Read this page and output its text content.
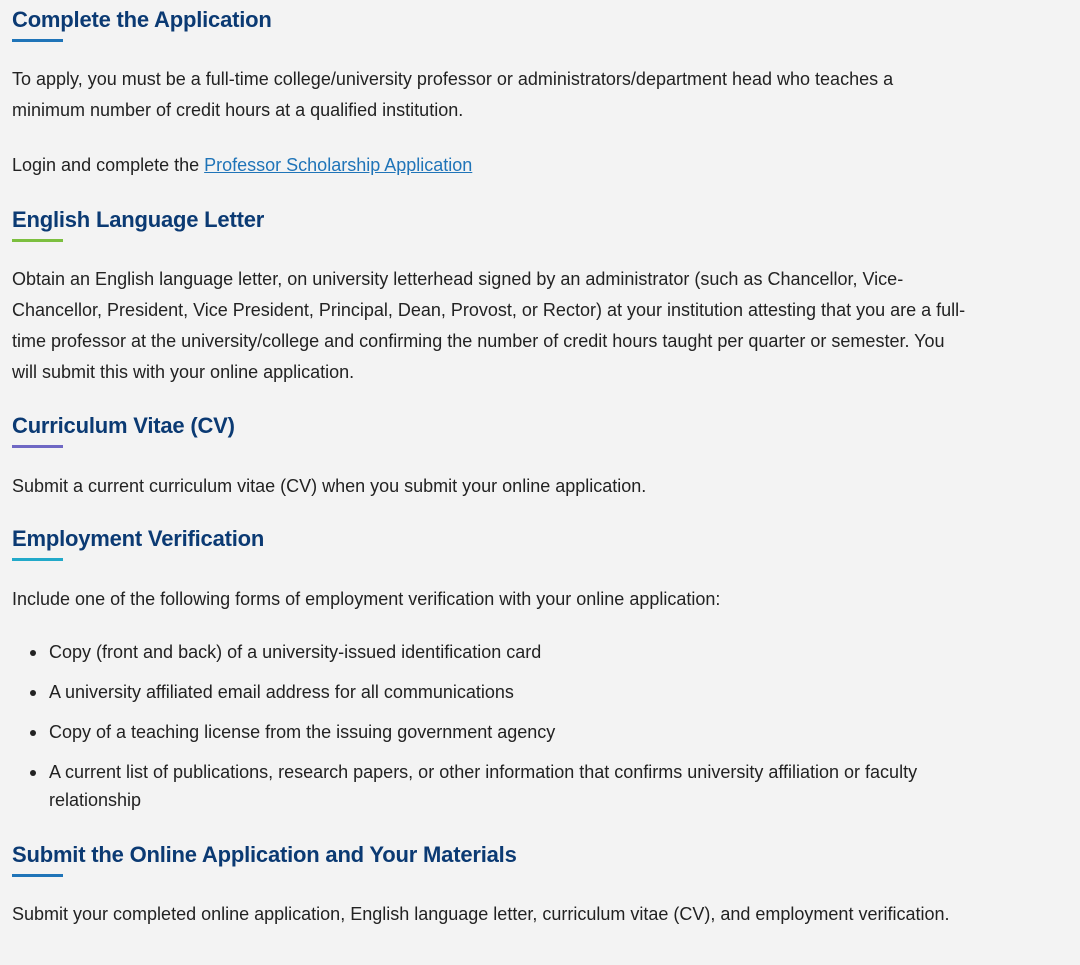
Complete the Application

To apply, you must be a full-time college/university professor or administrators/department head who teaches a minimum number of credit hours at a qualified institution.

Login and complete the Professor Scholarship Application

English Language Letter

Obtain an English language letter, on university letterhead signed by an administrator (such as Chancellor, Vice-Chancellor, President, Vice President, Principal, Dean, Provost, or Rector) at your institution attesting that you are a full-time professor at the university/college and confirming the number of credit hours taught per quarter or semester. You will submit this with your online application.

Curriculum Vitae (CV)

Submit a current curriculum vitae (CV) when you submit your online application.

Employment Verification

Include one of the following forms of employment verification with your online application:

Copy (front and back) of a university-issued identification card
A university affiliated email address for all communications
Copy of a teaching license from the issuing government agency
A current list of publications, research papers, or other information that confirms university affiliation or faculty relationship
Submit the Online Application and Your Materials

Submit your completed online application, English language letter, curriculum vitae (CV), and employment verification.
